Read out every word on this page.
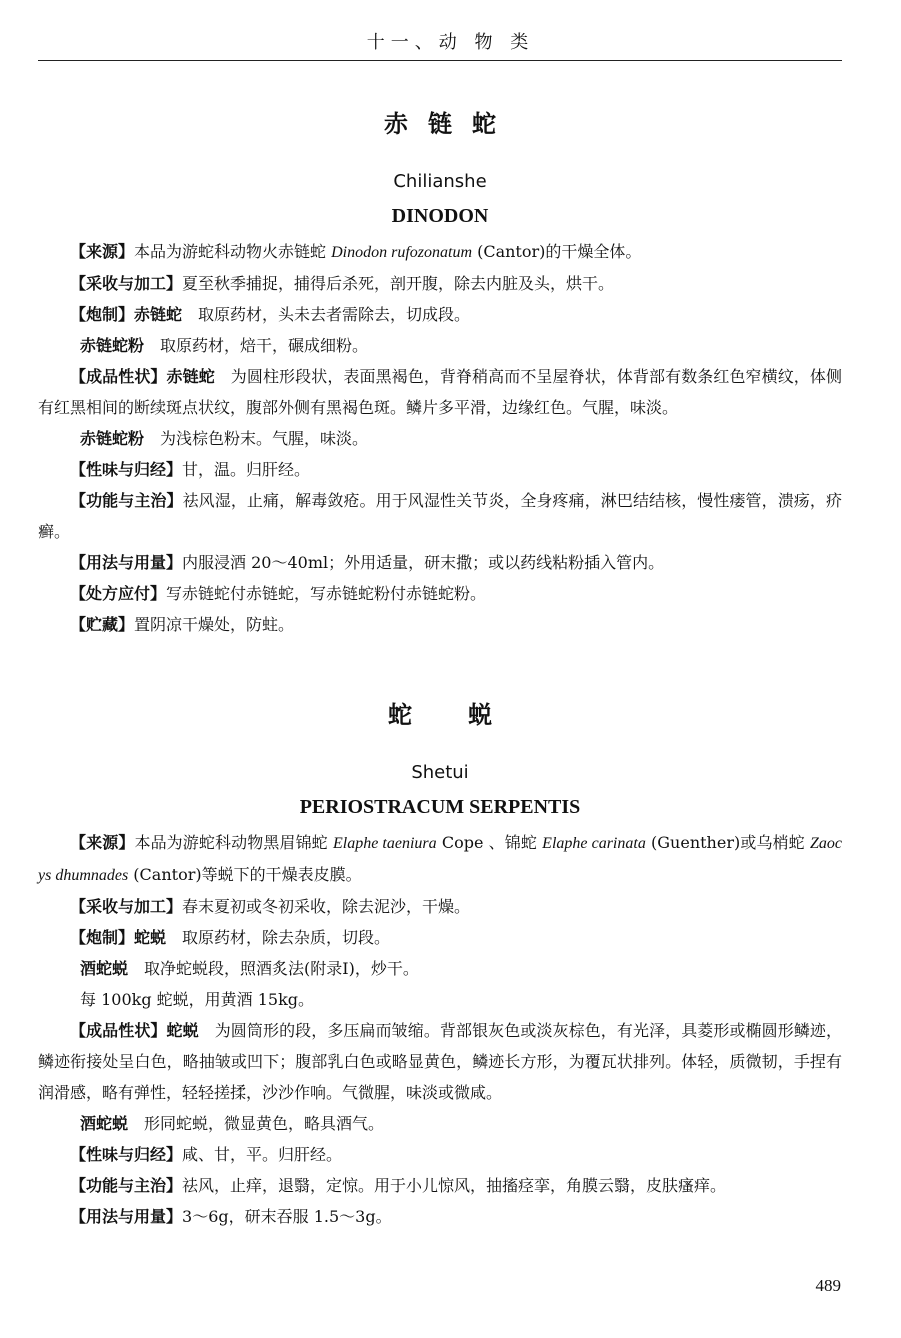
十一、动 物 类
赤链蛇
Chilianshe
DINODON
【来源】本品为游蛇科动物火赤链蛇 Dinodon rufozonatum (Cantor)的干燥全体。
【采收与加工】夏至秋季捕捉，捕得后杀死，剖开腹，除去内脏及头，烘干。
【炮制】赤链蛇 取原药材，头未去者需除去，切成段。
赤链蛇粉 取原药材，焙干，碾成细粉。
【成品性状】赤链蛇 为圆柱形段状，表面黑褐色，背脊稍高而不呈屋脊状，体背部有数条红色窄横纹，体侧有红黑相间的断续斑点状纹，腹部外侧有黑褐色斑。鳞片多平滑，边缘红色。气腥，味淡。
赤链蛇粉 为浅棕色粉末。气腥，味淡。
【性味与归经】甘，温。归肝经。
【功能与主治】祛风湿，止痛，解毒敛疮。用于风湿性关节炎，全身疼痛，淋巴结结核，慢性瘘管，溃疡，疥癣。
【用法与用量】内服浸酒 20～40ml；外用适量，研末撒；或以药线粘粉插入管内。
【处方应付】写赤链蛇付赤链蛇，写赤链蛇粉付赤链蛇粉。
【贮藏】置阴凉干燥处，防蛀。
蛇蜕
Shetui
PERIOSTRACUM SERPENTIS
【来源】本品为游蛇科动物黑眉锦蛇 Elaphe taeniura Cope 、锦蛇 Elaphe carinata (Guenther)或乌梢蛇 Zaocys dhumnades (Cantor)等蜕下的干燥表皮膜。
【采收与加工】春末夏初或冬初采收，除去泥沙，干燥。
【炮制】蛇蜕 取原药材，除去杂质，切段。
酒蛇蜕 取净蛇蜕段，照酒炙法(附录Ⅰ)，炒干。
每 100kg 蛇蜕，用黄酒 15kg。
【成品性状】蛇蜕 为圆筒形的段，多压扁而皱缩。背部银灰色或淡灰棕色，有光泽，具菱形或椭圆形鳞迹，鳞迹衔接处呈白色，略抽皱或凹下；腹部乳白色或略显黄色，鳞迹长方形，为覆瓦状排列。体轻，质微韧，手捏有润滑感，略有弹性，轻轻搓揉，沙沙作响。气微腥，味淡或微咸。
酒蛇蜕 形同蛇蜕，微显黄色，略具酒气。
【性味与归经】咸、甘，平。归肝经。
【功能与主治】祛风，止痒，退翳，定惊。用于小儿惊风，抽搐痉挛，角膜云翳，皮肤瘙痒。
【用法与用量】3～6g，研末吞服 1.5～3g。
489
